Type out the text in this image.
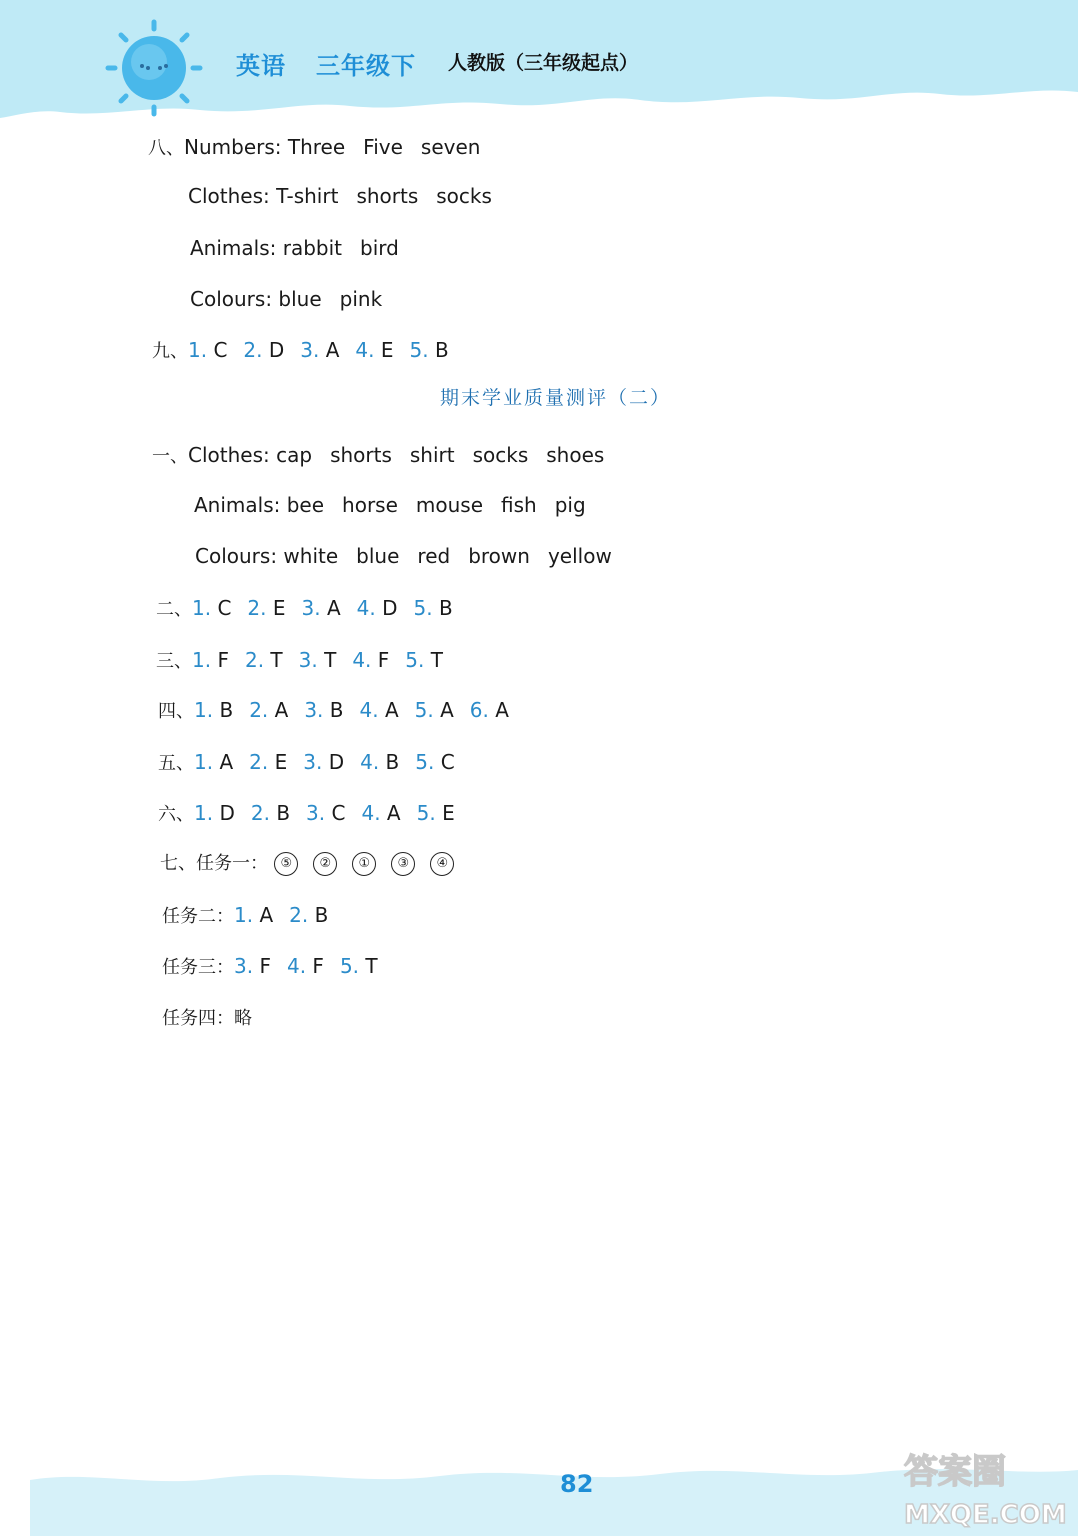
英语 三年级下 人教版（三年级起点）
八、Numbers: Three Five seven
Clothes: T-shirt shorts socks
Animals: rabbit bird
Colours: blue pink
九、1. C 2. D 3. A 4. E 5. B
期末学业质量测评（二）
一、Clothes: cap shorts shirt socks shoes
Animals: bee horse mouse fish pig
Colours: white blue red brown yellow
二、1. C 2. E 3. A 4. D 5. B
三、1. F 2. T 3. T 4. F 5. T
四、1. B 2. A 3. B 4. A 5. A 6. A
五、1. A 2. E 3. D 4. B 5. C
六、1. D 2. B 3. C 4. A 5. E
七、任务一： ⑤ ② ① ③ ④
任务二：1. A 2. B
任务三：3. F 4. F 5. T
任务四：略
82	答案圈
MXQE.COM
